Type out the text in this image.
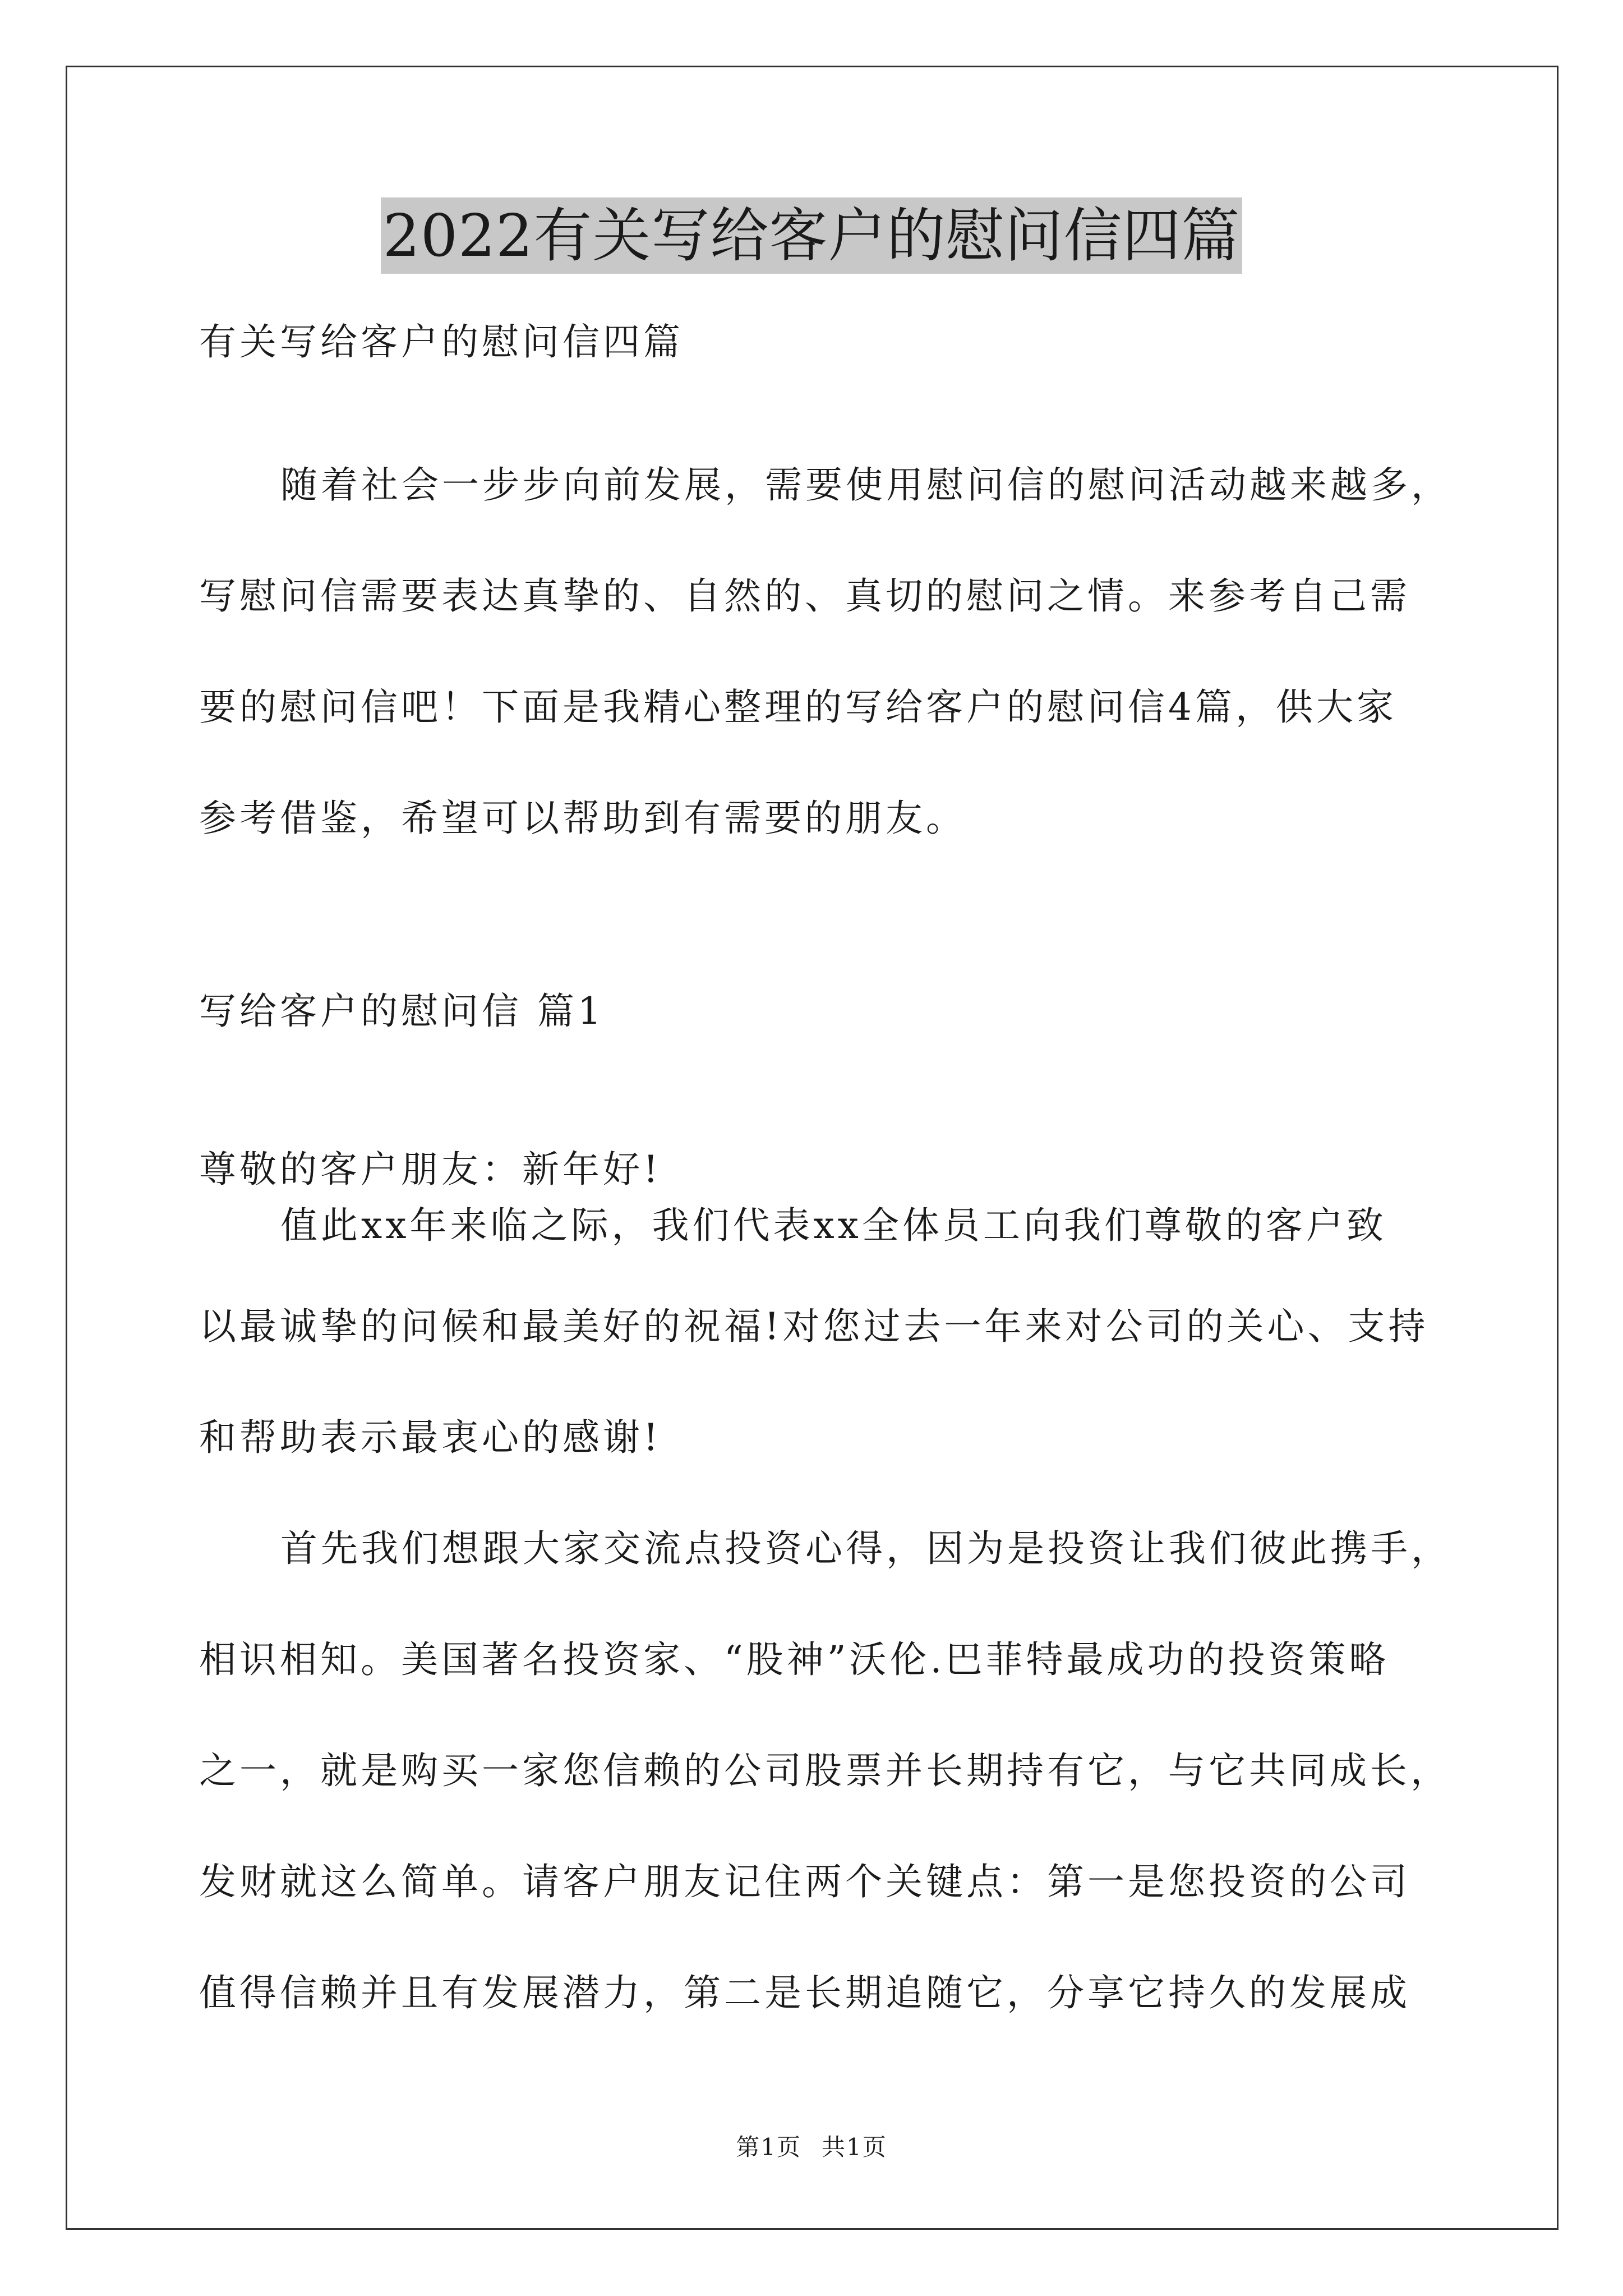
2022有关写给客户的慰问信四篇
有关写给客户的慰问信四篇
随着社会一步步向前发展，需要使用慰问信的慰问活动越来越多，
写慰问信需要表达真挚的、自然的、真切的慰问之情。来参考自己需
要的慰问信吧！下面是我精心整理的写给客户的慰问信4篇，供大家
参考借鉴，希望可以帮助到有需要的朋友。
写给客户的慰问信 篇1
尊敬的客户朋友：新年好!
值此xx年来临之际，我们代表xx全体员工向我们尊敬的客户致
以最诚挚的问候和最美好的祝福!对您过去一年来对公司的关心、支持
和帮助表示最衷心的感谢!
首先我们想跟大家交流点投资心得，因为是投资让我们彼此携手，
相识相知。美国著名投资家、“股神”沃伦.巴菲特最成功的投资策略
之一，就是购买一家您信赖的公司股票并长期持有它，与它共同成长，
发财就这么简单。请客户朋友记住两个关键点：第一是您投资的公司
值得信赖并且有发展潜力，第二是长期追随它，分享它持久的发展成
第1页 共1页
